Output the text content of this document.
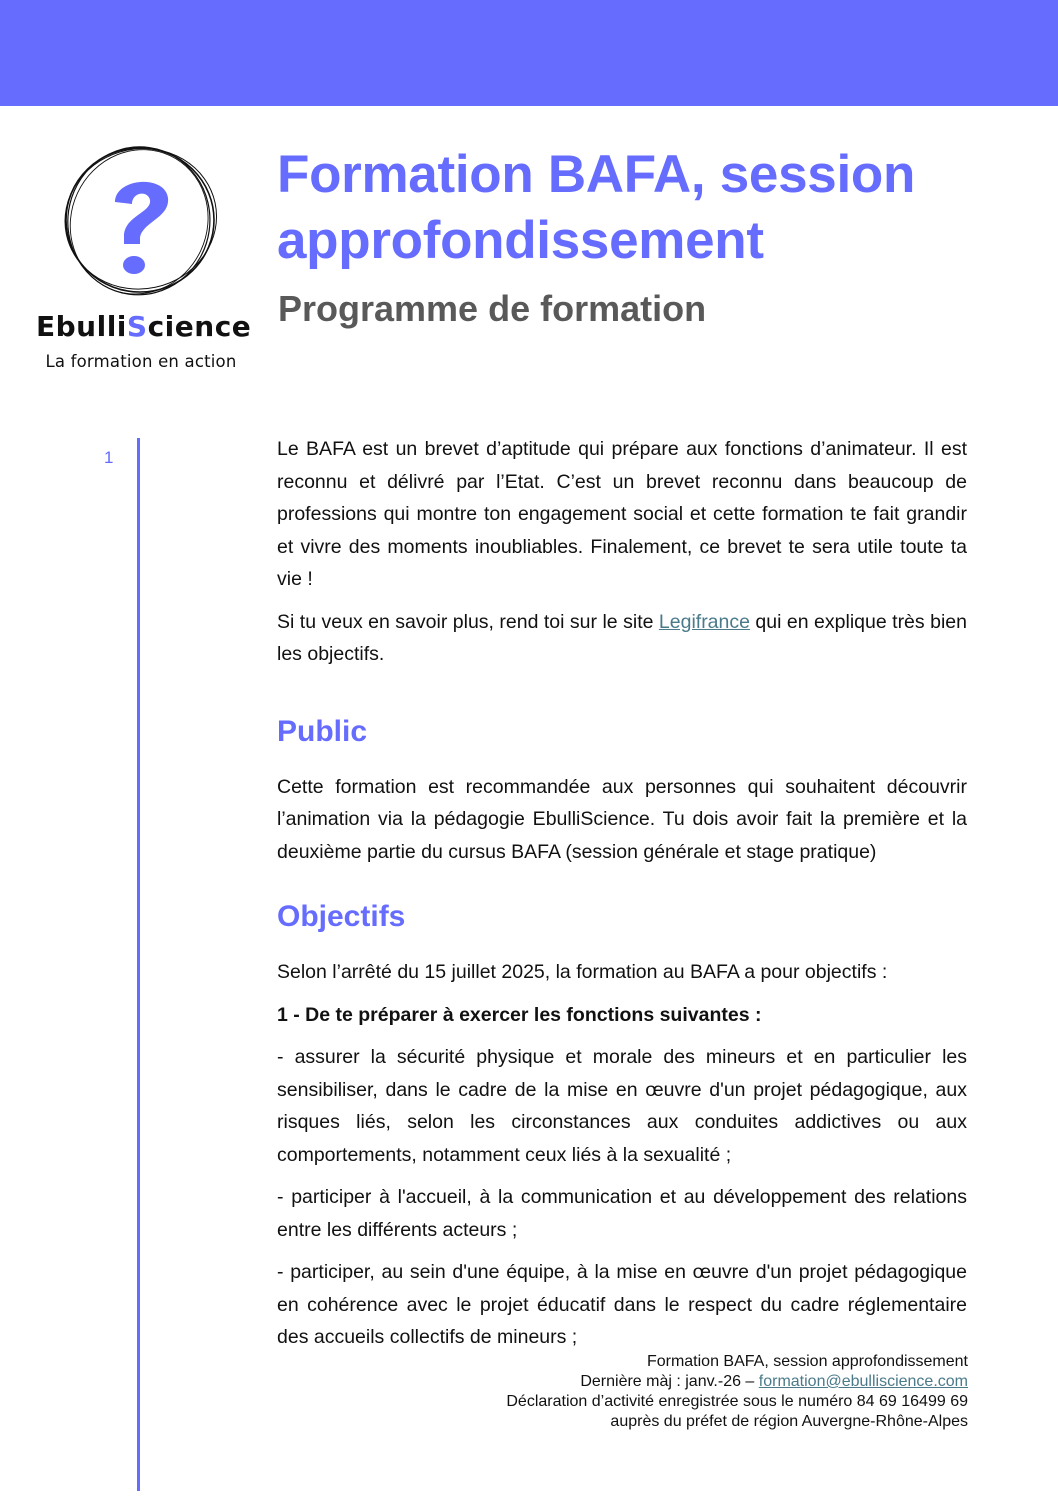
EbulliScience
La formation en action
Formation BAFA, session approfondissement
Programme de formation
1	Le BAFA est un brevet d’aptitude qui prépare aux fonctions d’animateur. Il est reconnu et délivré par l’Etat. C’est un brevet reconnu dans beaucoup de professions qui montre ton engagement social et cette formation te fait grandir et vivre des moments inoubliables. Finalement, ce brevet te sera utile toute ta vie !

Si tu veux en savoir plus, rend toi sur le site Legifrance qui en explique très bien les objectifs.

Public

Cette formation est recommandée aux personnes qui souhaitent découvrir l’animation via la pédagogie EbulliScience. Tu dois avoir fait la première et la deuxième partie du cursus BAFA (session générale et stage pratique)

Objectifs

Selon l’arrêté du 15 juillet 2025, la formation au BAFA a pour objectifs :

1 - De te préparer à exercer les fonctions suivantes :

- assurer la sécurité physique et morale des mineurs et en particulier les sensibiliser, dans le cadre de la mise en œuvre d'un projet pédagogique, aux risques liés, selon les circonstances aux conduites addictives ou aux comportements, notamment ceux liés à la sexualité ;

- participer à l'accueil, à la communication et au développement des relations entre les différents acteurs ;

- participer, au sein d'une équipe, à la mise en œuvre d'un projet pédagogique en cohérence avec le projet éducatif dans le respect du cadre réglementaire des accueils collectifs de mineurs ;

Formation BAFA, session approfondissement
Dernière màj : janv.-26 – formation@ebulliscience.com
Déclaration d’activité enregistrée sous le numéro 84 69 16499 69
auprès du préfet de région Auvergne-Rhône-Alpes
